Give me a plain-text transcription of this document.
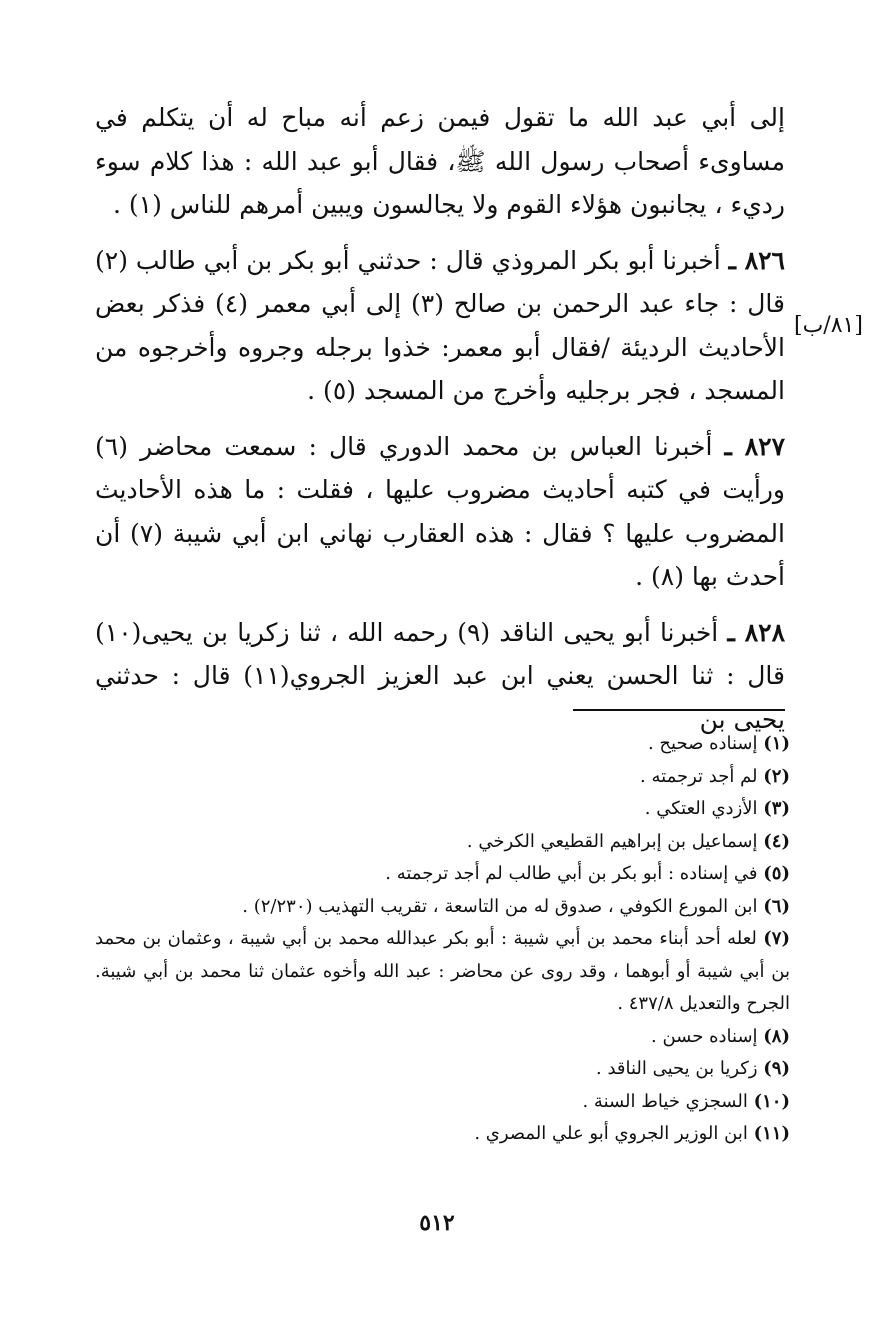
[٨١/ب]

إلى أبي عبد الله ما تقول فيمن زعم أنه مباح له أن يتكلم في مساوىء أصحاب رسول الله ﷺ، فقال أبو عبد الله : هذا كلام سوء رديء ، يجانبون هؤلاء القوم ولا يجالسون ويبين أمرهم للناس (١) .

٨٢٦ ـ أخبرنا أبو بكر المروذي قال : حدثني أبو بكر بن أبي طالب (٢) قال : جاء عبد الرحمن بن صالح (٣) إلى أبي معمر (٤) فذكر بعض الأحاديث الرديئة /فقال أبو معمر: خذوا برجله وجروه وأخرجوه من المسجد ، فجر برجليه وأخرج من المسجد (٥) .

٨٢٧ ـ أخبرنا العباس بن محمد الدوري قال : سمعت محاضر (٦) ورأيت في كتبه أحاديث مضروب عليها ، فقلت : ما هذه الأحاديث المضروب عليها ؟ فقال : هذه العقارب نهاني ابن أبي شيبة (٧) أن أحدث بها (٨) .

٨٢٨ ـ أخبرنا أبو يحيى الناقد (٩) رحمه الله ، ثنا زكريا بن يحيى(١٠) قال : ثنا الحسن يعني ابن عبد العزيز الجروي(١١) قال : حدثني يحيى بن

(١) إسناده صحيح .

(٢) لم أجد ترجمته .

(٣) الأزدي العتكي .

(٤) إسماعيل بن إبراهيم القطيعي الكرخي .

(٥) في إسناده : أبو بكر بن أبي طالب لم أجد ترجمته .

(٦) ابن المورع الكوفي ، صدوق له من التاسعة ، تقريب التهذيب (٢/٢٣٠) .

(٧) لعله أحد أبناء محمد بن أبي شيبة : أبو بكر عبدالله محمد بن أبي شيبة ، وعثمان بن محمد بن أبي شيبة أو أبوهما ، وقد روى عن محاضر : عبد الله وأخوه عثمان ثنا محمد بن أبي شيبة. الجرح والتعديل ٤٣٧/٨ .

(٨) إسناده حسن .

(٩) زكريا بن يحيى الناقد .

(١٠) السجزي خياط السنة .

(١١) ابن الوزير الجروي أبو علي المصري .

٥١٢
